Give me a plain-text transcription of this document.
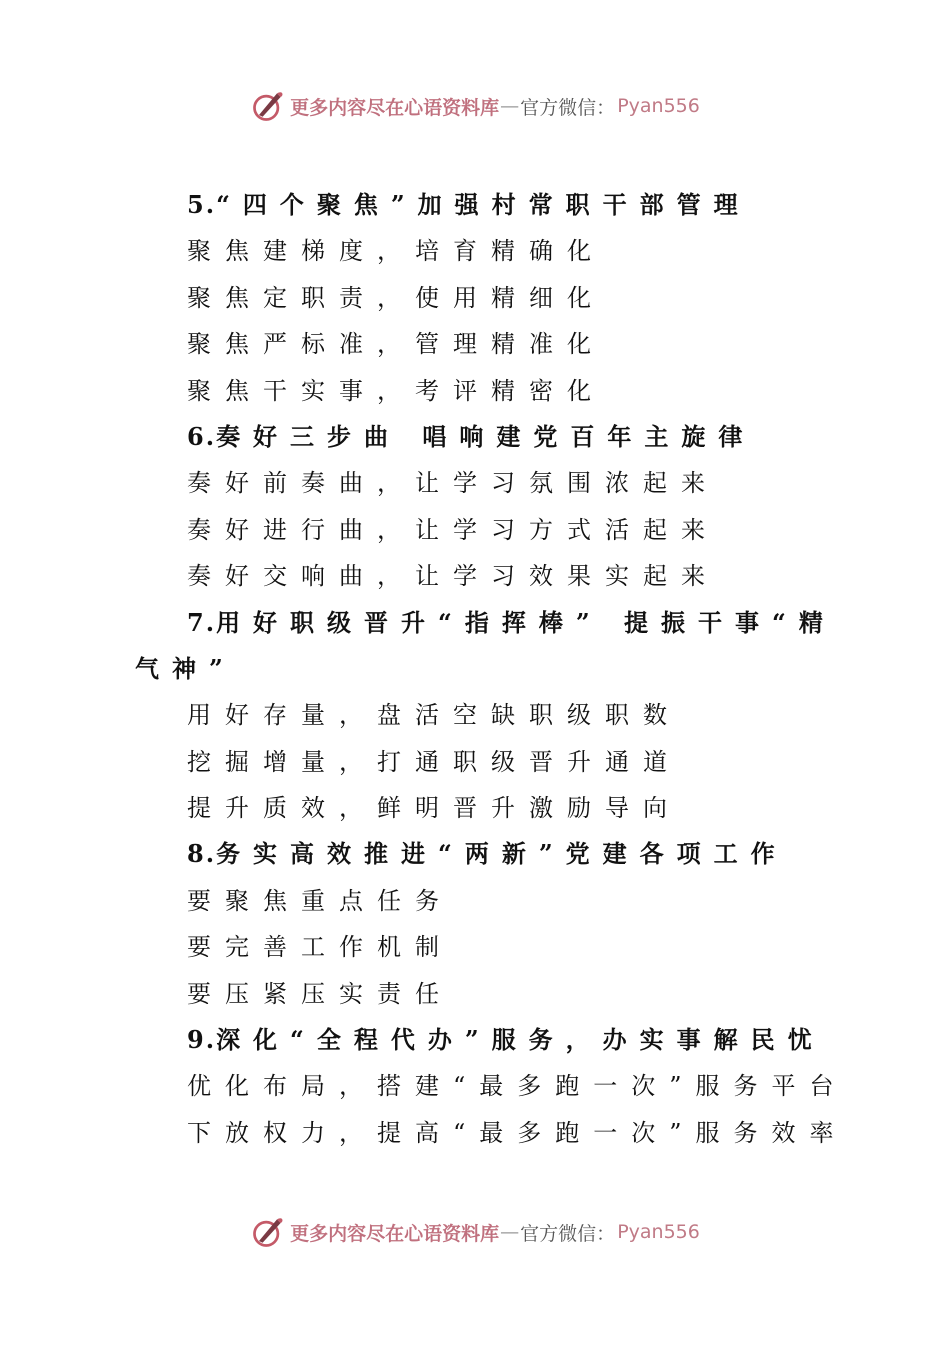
更多内容尽在心语资料库 — 官方微信： Pyan556
5.“四个聚焦”加强村常职干部管理
聚焦建梯度，培育精确化
聚焦定职责，使用精细化
聚焦严标准，管理精准化
聚焦干实事，考评精密化
6.奏好三步曲 唱响建党百年主旋律
奏好前奏曲，让学习氛围浓起来
奏好进行曲，让学习方式活起来
奏好交响曲，让学习效果实起来
7.用好职级晋升“指挥棒” 提振干事“精
气神”
用好存量，盘活空缺职级职数
挖掘增量，打通职级晋升通道
提升质效，鲜明晋升激励导向
8.务实高效推进“两新”党建各项工作
要聚焦重点任务
要完善工作机制
要压紧压实责任
9.深化“全程代办”服务，办实事解民忧
优化布局，搭建“最多跑一次”服务平台
下放权力，提高“最多跑一次”服务效率
更多内容尽在心语资料库 — 官方微信： Pyan556
